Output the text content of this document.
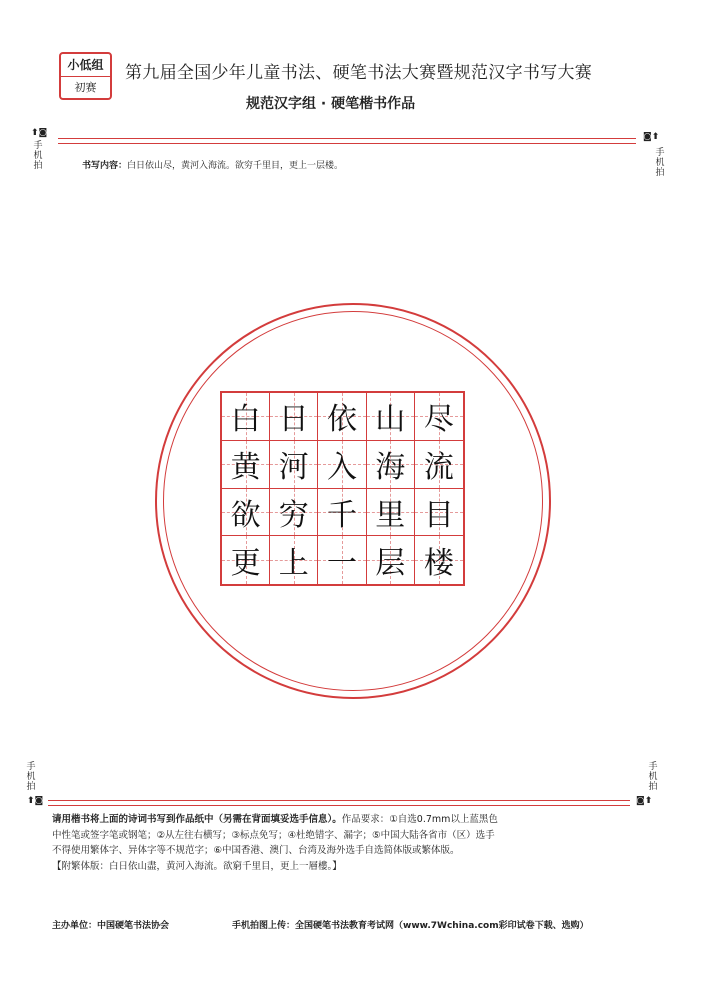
小低组
初赛
第九届全国少年儿童书法、硬笔书法大赛暨规范汉字书写大赛
规范汉字组 · 硬笔楷书作品
⬆◙
手机拍
◙⬆
手机拍
书写内容：白日依山尽，黄河入海流。欲穷千里目，更上一层楼。
白 日 依 山 尽
黄 河 入 海 流
欲 穷 千 里 目
更 上 一 层 楼
手机拍
⬆◙
手机拍
◙⬆

请用楷书将上面的诗词书写到作品纸中（另需在背面填妥选手信息）。作品要求：①自选0.7mm以上蓝黑色

中性笔或签字笔或钢笔；②从左往右横写；③标点免写；④杜绝错字、漏字；⑤中国大陆各省市（区）选手

不得使用繁体字、异体字等不规范字；⑥中国香港、澳门、台湾及海外选手自选简体版或繁体版。

【附繁体版：白日依山盡，黄河入海流。欲窮千里目，更上一層樓。】

主办单位：中国硬笔书法协会	手机拍图上传：全国硬笔书法教育考试网（www.7Wchina.com彩印试卷下载、选购）
